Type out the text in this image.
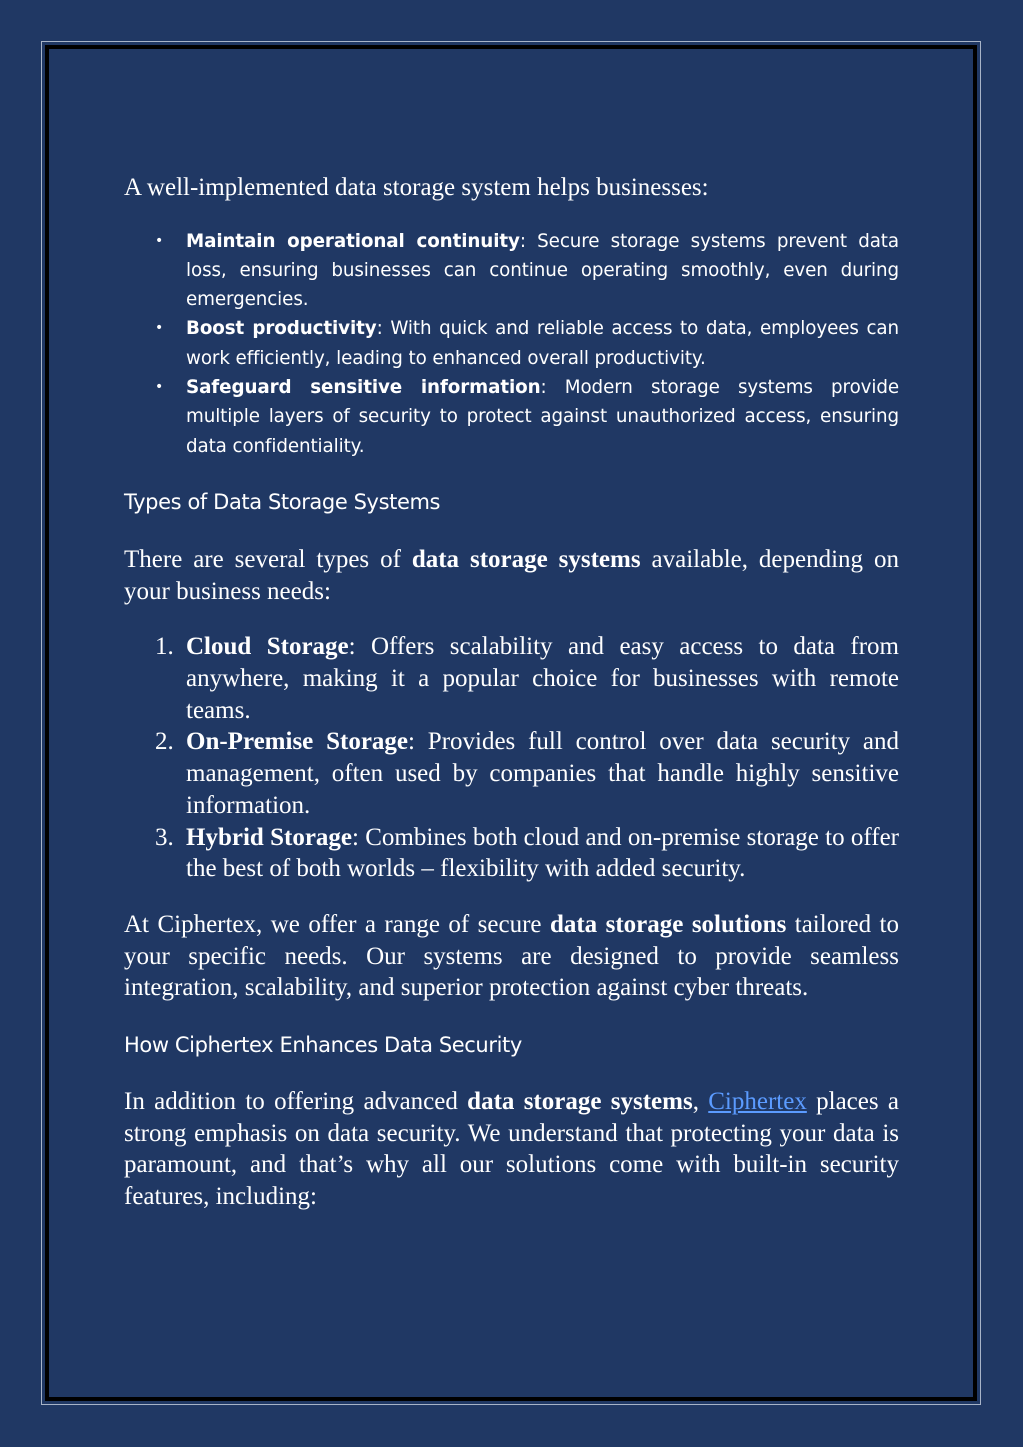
A well-implemented data storage system helps businesses:

• Maintain operational continuity: Secure storage systems prevent data loss, ensuring businesses can continue operating smoothly, even during emergencies.
• Boost productivity: With quick and reliable access to data, employees can work efficiently, leading to enhanced overall productivity.
• Safeguard sensitive information: Modern storage systems provide multiple layers of security to protect against unauthorized access, ensuring data confidentiality.
Types of Data Storage Systems

There are several types of data storage systems available, depending on your business needs:

1. Cloud Storage: Offers scalability and easy access to data from anywhere, making it a popular choice for businesses with remote teams.
2. On-Premise Storage: Provides full control over data security and management, often used by companies that handle highly sensitive information.
3. Hybrid Storage: Combines both cloud and on-premise storage to offer the best of both worlds – flexibility with added security.

At Ciphertex, we offer a range of secure data storage solutions tailored to your specific needs. Our systems are designed to provide seamless integration, scalability, and superior protection against cyber threats.

How Ciphertex Enhances Data Security

In addition to offering advanced data storage systems, Ciphertex places a strong emphasis on data security. We understand that protecting your data is paramount, and that’s why all our solutions come with built-in security features, including:
